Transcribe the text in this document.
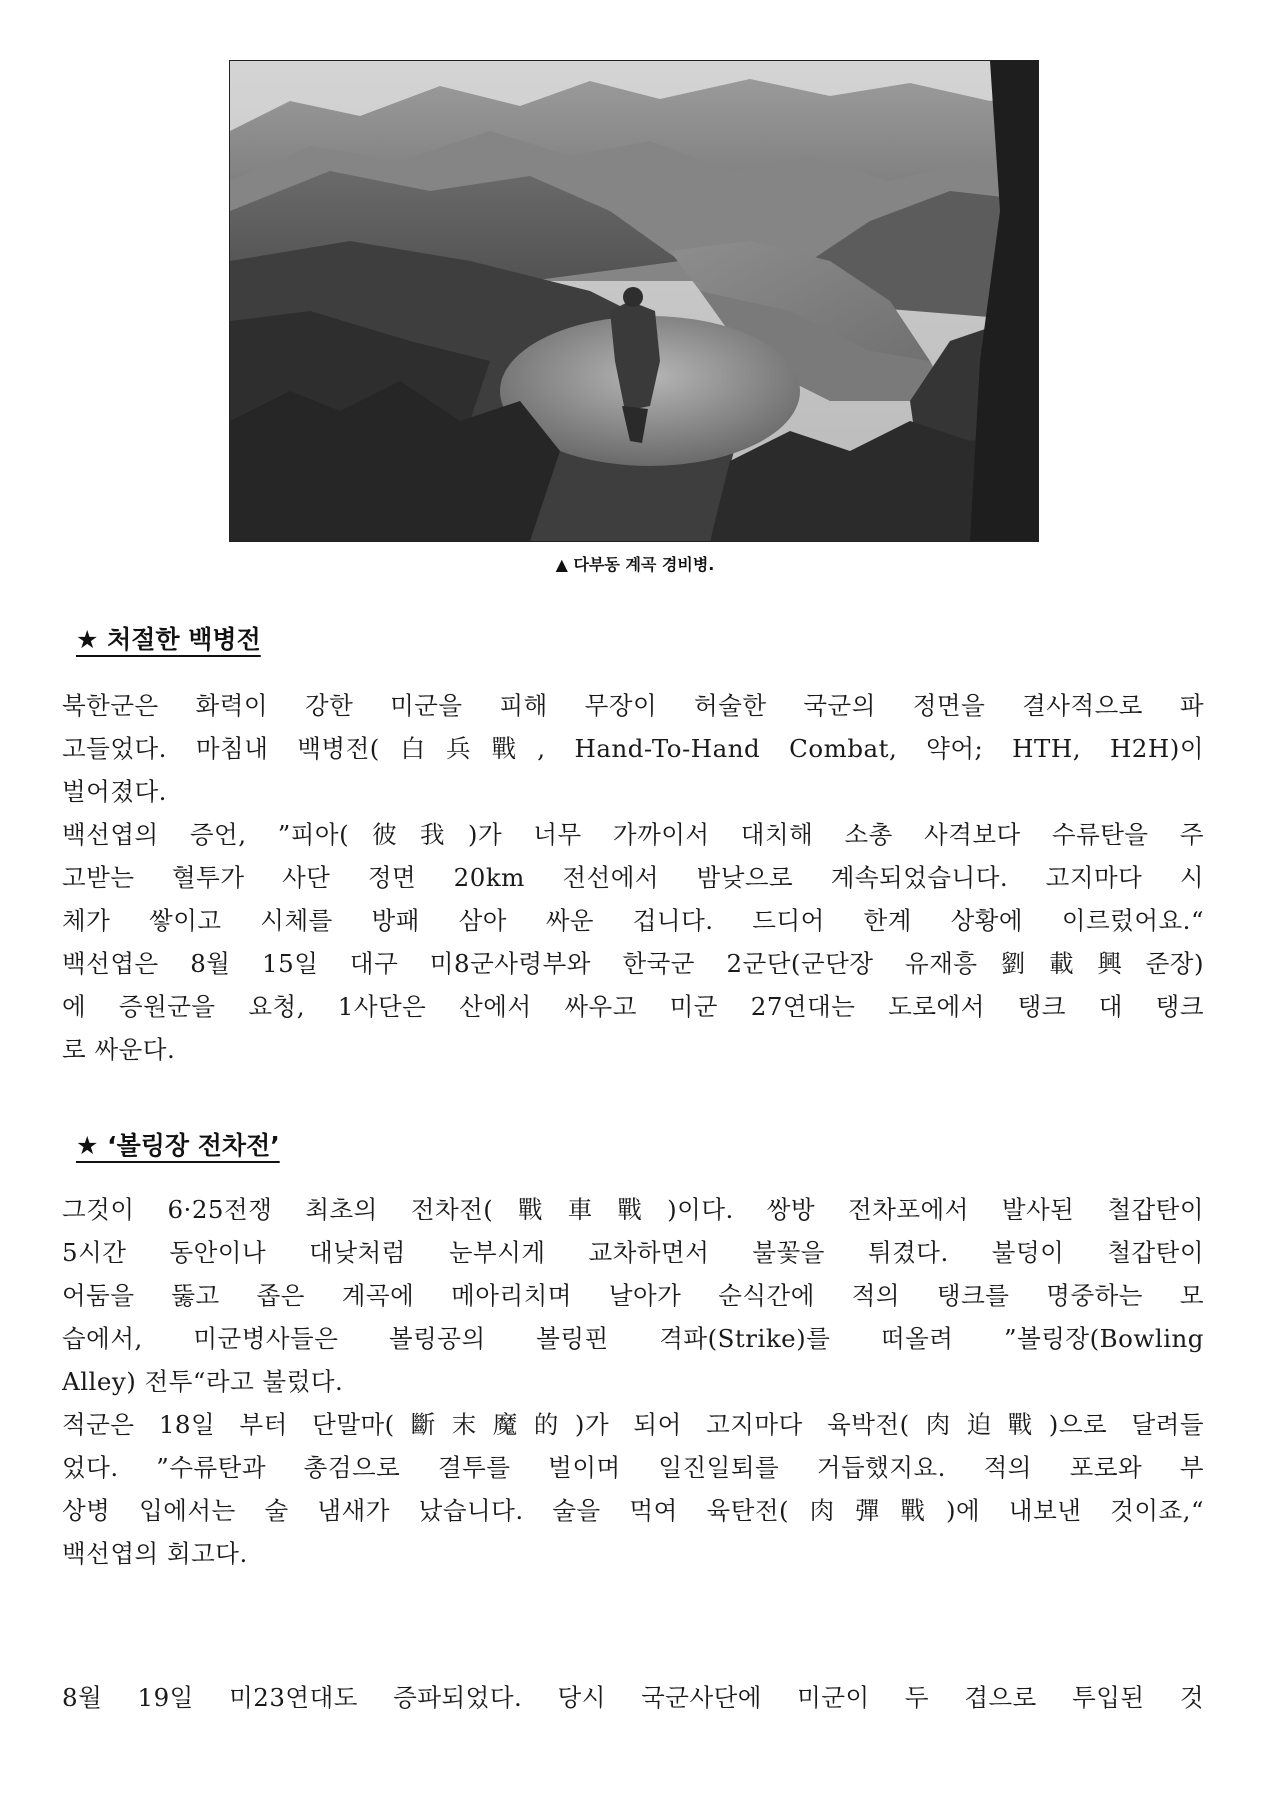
▲ 다부동 계곡 경비병.
★ 처절한 백병전
북한군은 화력이 강한 미군을 피해 무장이 허술한 국군의 정면을 결사적으로 파
고들었다. 마침내 백병전(白兵戰, Hand-To-Hand Combat, 약어; HTH, H2H)이
벌어졌다.
백선엽의 증언, ”피아(彼我)가 너무 가까이서 대치해 소총 사격보다 수류탄을 주
고받는 혈투가 사단 정면 20km 전선에서 밤낮으로 계속되었습니다. 고지마다 시
체가 쌓이고 시체를 방패 삼아 싸운 겁니다. 드디어 한계 상황에 이르렀어요.“
백선엽은 8월 15일 대구 미8군사령부와 한국군 2군단(군단장 유재흥劉載興준장)
에 증원군을 요청, 1사단은 산에서 싸우고 미군 27연대는 도로에서 탱크 대 탱크
로 싸운다.
★ ‘볼링장 전차전’
그것이 6·25전쟁 최초의 전차전(戰車戰)이다. 쌍방 전차포에서 발사된 철갑탄이
5시간 동안이나 대낮처럼 눈부시게 교차하면서 불꽃을 튀겼다. 불덩이 철갑탄이
어둠을 뚫고 좁은 계곡에 메아리치며 날아가 순식간에 적의 탱크를 명중하는 모
습에서, 미군병사들은 볼링공의 볼링핀 격파(Strike)를 떠올려 ”볼링장(Bowling
Alley) 전투“라고 불렀다.
적군은 18일 부터 단말마(斷末魔的)가 되어 고지마다 육박전(肉迫戰)으로 달려들
었다. ”수류탄과 총검으로 결투를 벌이며 일진일퇴를 거듭했지요. 적의 포로와 부
상병 입에서는 술 냄새가 났습니다. 술을 먹여 육탄전(肉彈戰)에 내보낸 것이죠,“
백선엽의 회고다.
8월 19일 미23연대도 증파되었다. 당시 국군사단에 미군이 두 겹으로 투입된 것
